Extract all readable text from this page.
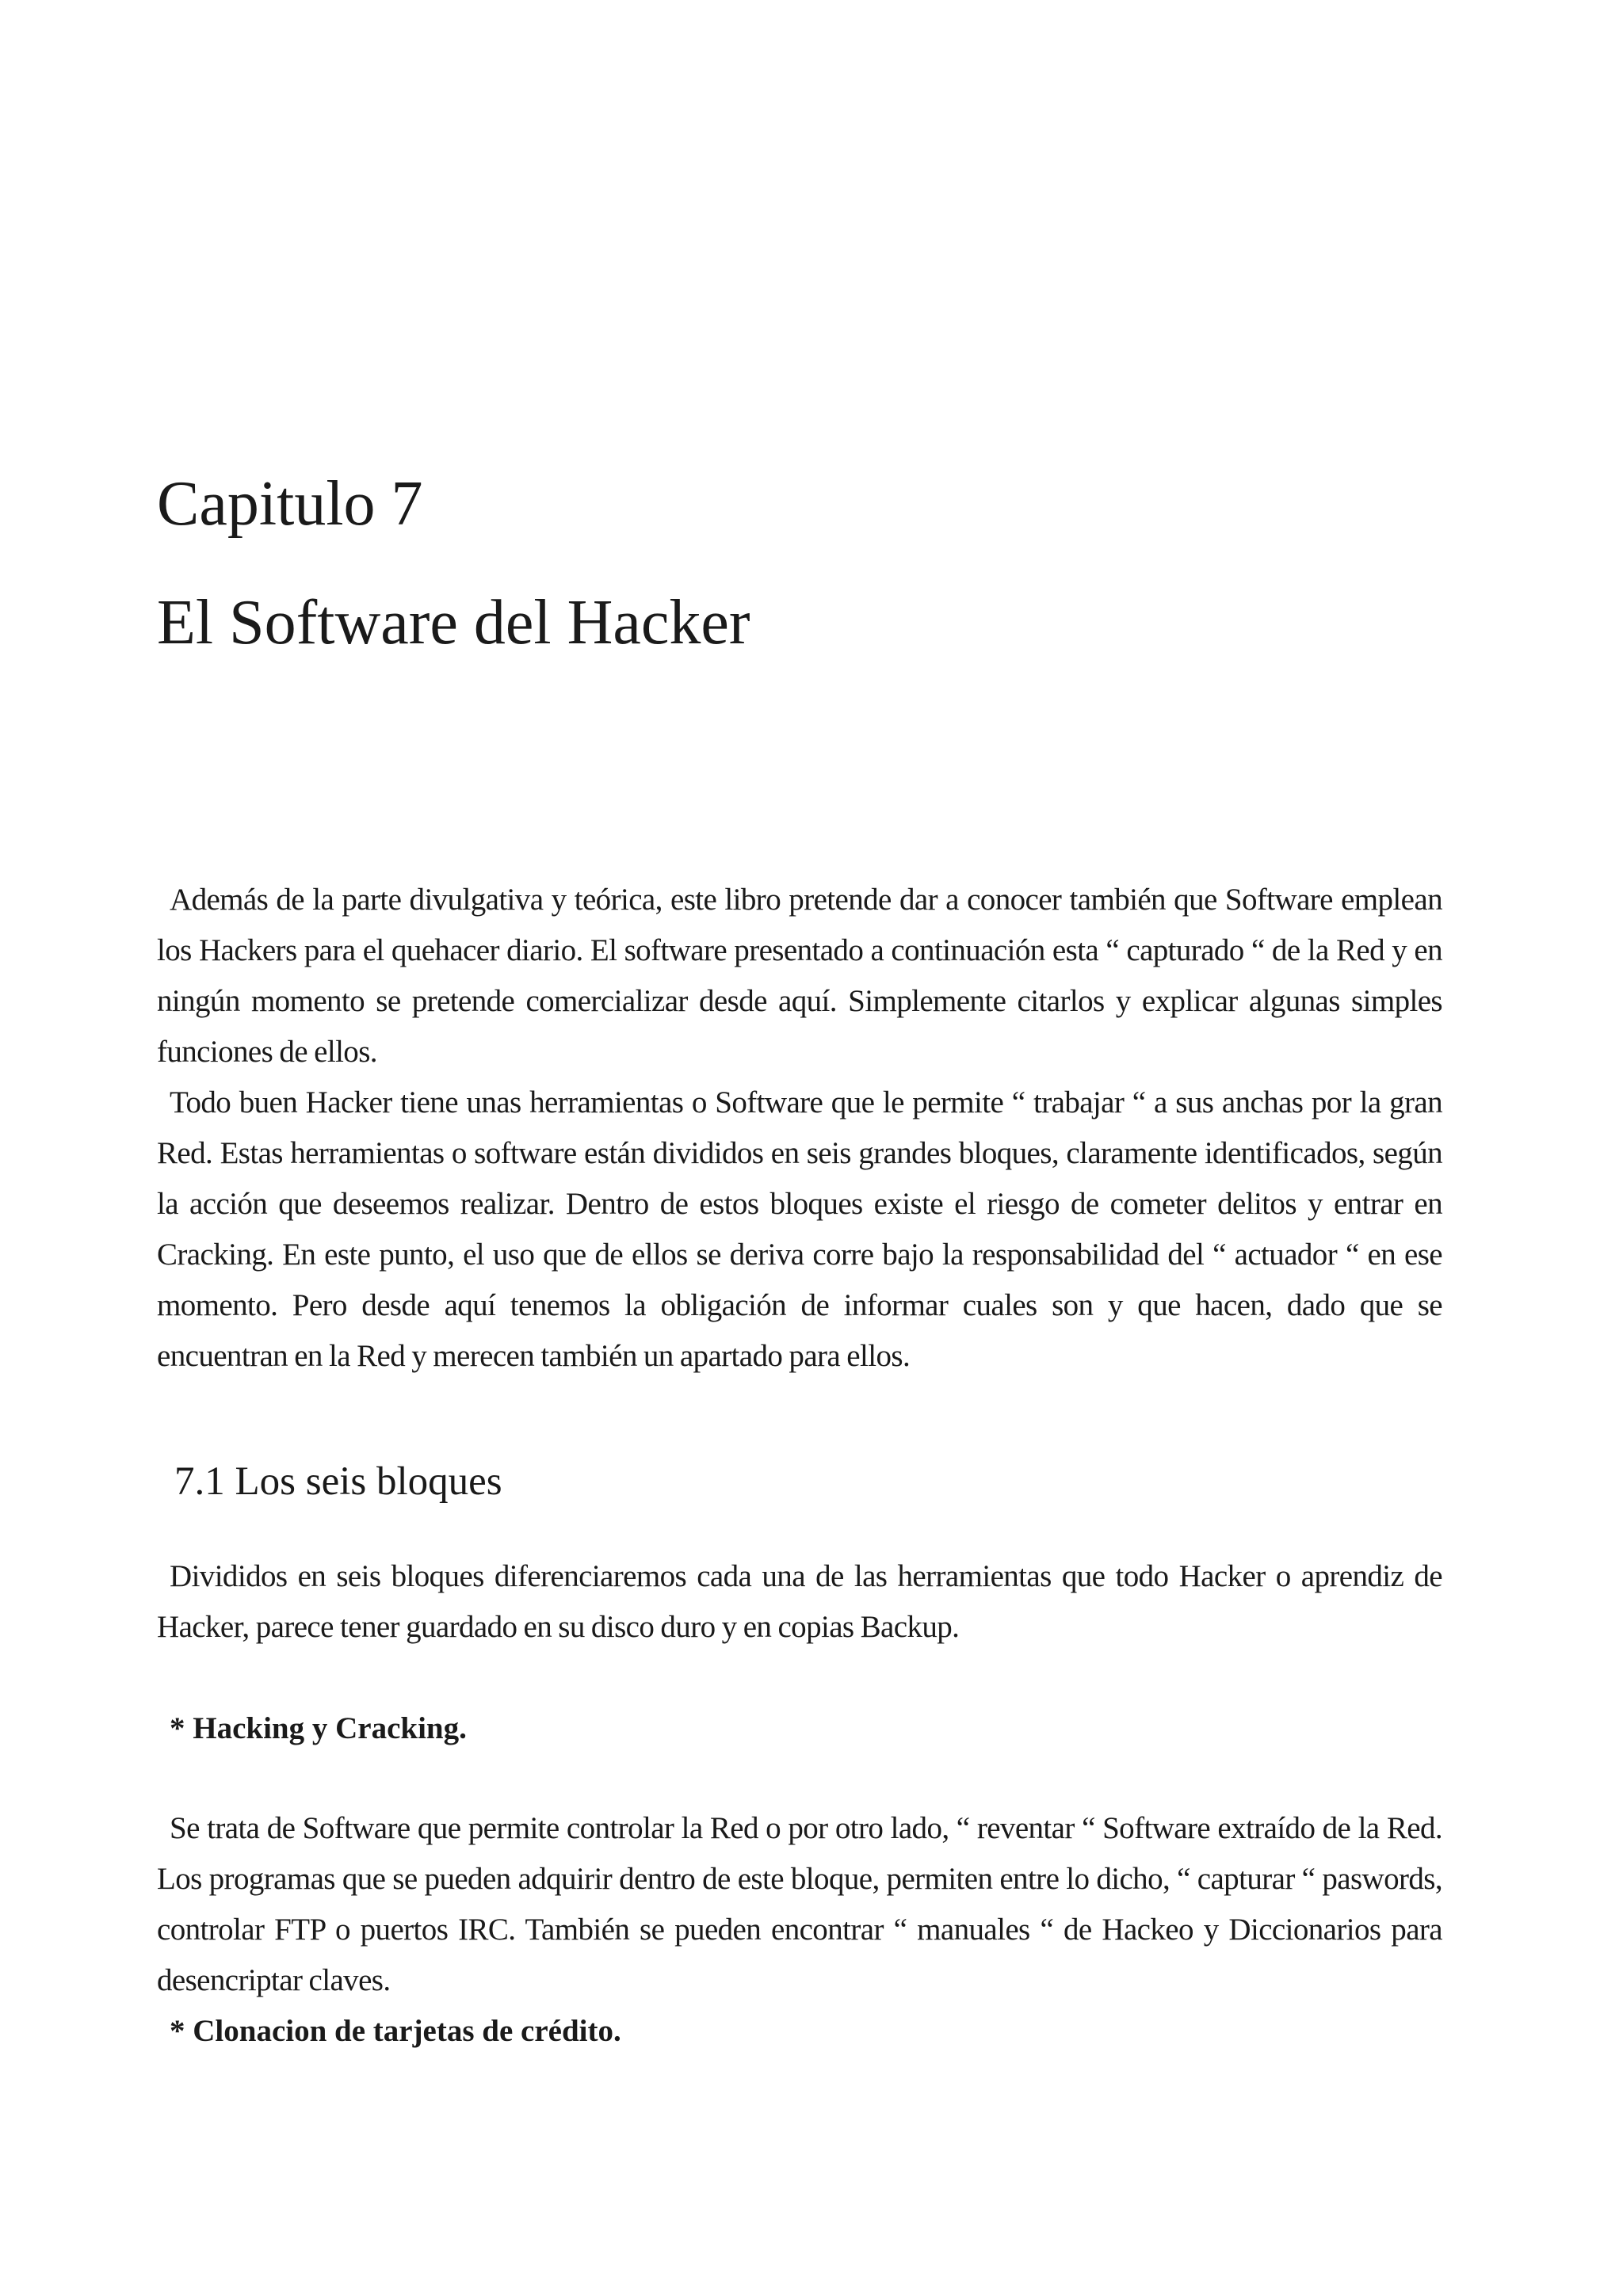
Capitulo 7
El Software del Hacker
Además de la parte divulgativa y teórica, este libro pretende dar a conocer también que Software emplean los Hackers para el quehacer diario. El software presentado a continuación esta “ capturado “ de la Red y en ningún momento se pretende comercializar desde aquí. Simplemente citarlos y explicar algunas simples funciones de ellos.
Todo buen Hacker tiene unas herramientas o Software que le permite “ trabajar “ a sus anchas por la gran Red. Estas herramientas o software están divididos en seis grandes bloques, claramente identificados, según la acción que deseemos realizar. Dentro de estos bloques existe el riesgo de cometer delitos y entrar en Cracking. En este punto, el uso que de ellos se deriva corre bajo la responsabilidad del “ actuador “ en ese momento. Pero desde aquí tenemos la obligación de informar cuales son y que hacen, dado que se encuentran en la Red y merecen también un apartado para ellos.
7.1 Los seis bloques

Divididos en seis bloques diferenciaremos cada una de las herramientas que todo Hacker o aprendiz de Hacker, parece tener guardado en su disco duro y en copias Backup.

* Hacking y Cracking.

Se trata de Software que permite controlar la Red o por otro lado, “ reventar “ Software extraído de la Red. Los programas que se pueden adquirir dentro de este bloque, permiten entre lo dicho, “ capturar “ paswords, controlar FTP o puertos IRC. También se pueden encontrar “ manuales “ de Hackeo y Diccionarios para desencriptar claves.

* Clonacion de tarjetas de crédito.
